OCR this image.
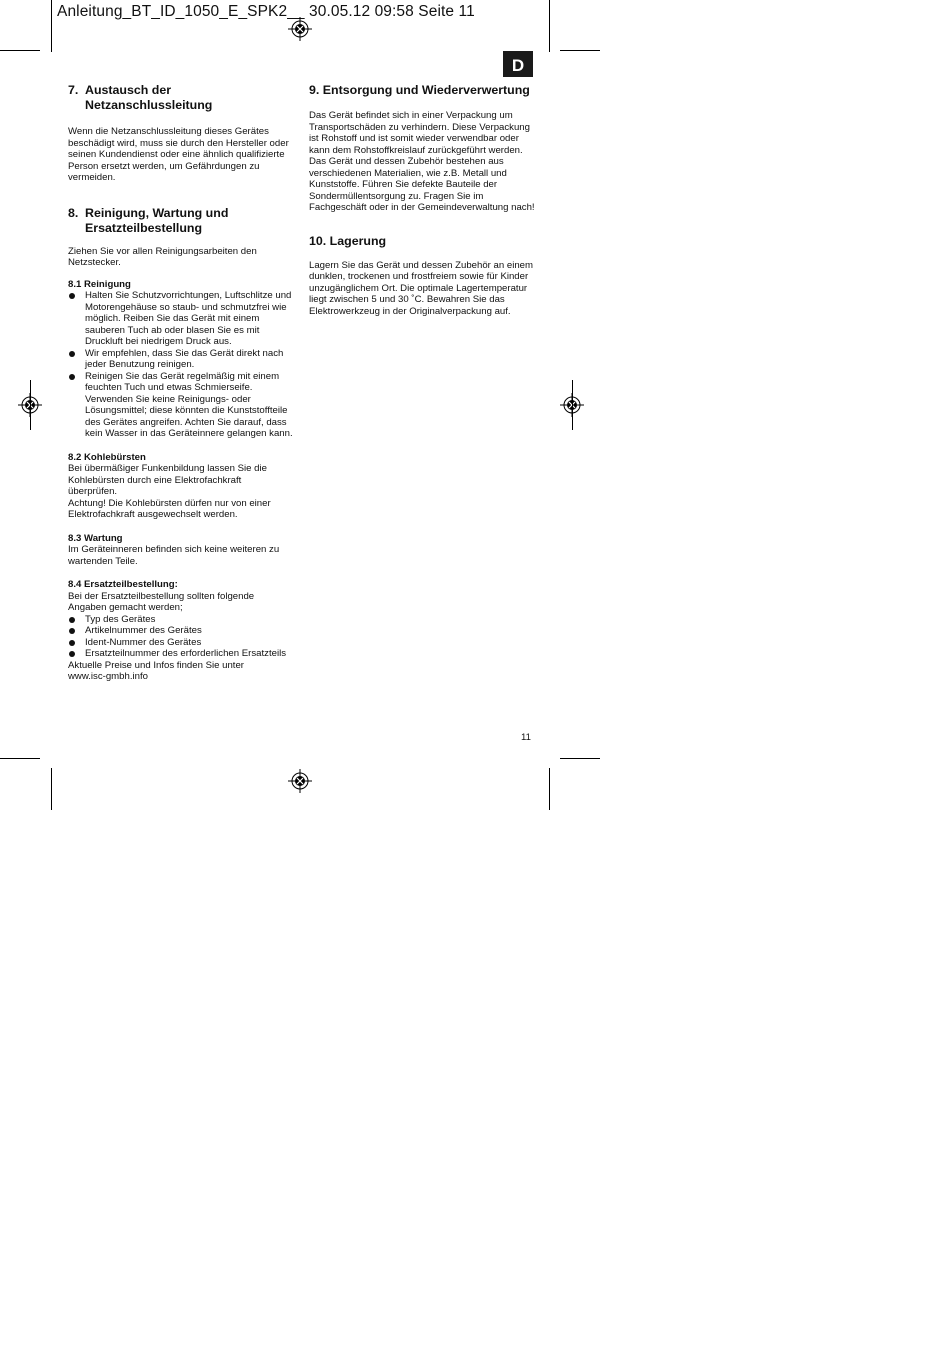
Anleitung_BT_ID_1050_E_SPK2__ 30.05.12 09:58 Seite 11
D
7. Austausch der
Netzanschlussleitung

Wenn die Netzanschlussleitung dieses Gerätes beschädigt wird, muss sie durch den Hersteller oder seinen Kundendienst oder eine ähnlich qualifizierte Person ersetzt werden, um Gefährdungen zu vermeiden.

8. Reinigung, Wartung und
Ersatzteilbestellung

Ziehen Sie vor allen Reinigungsarbeiten den Netzstecker.

8.1 Reinigung
Halten Sie Schutzvorrichtungen, Luftschlitze und Motorengehäuse so staub- und schmutzfrei wie möglich. Reiben Sie das Gerät mit einem sauberen Tuch ab oder blasen Sie es mit Druckluft bei niedrigem Druck aus.
Wir empfehlen, dass Sie das Gerät direkt nach jeder Benutzung reinigen.
Reinigen Sie das Gerät regelmäßig mit einem feuchten Tuch und etwas Schmierseife. Verwenden Sie keine Reinigungs- oder Lösungsmittel; diese könnten die Kunststoffteile des Gerätes angreifen. Achten Sie darauf, dass kein Wasser in das Geräteinnere gelangen kann.
8.2 Kohlebürsten

Bei übermäßiger Funkenbildung lassen Sie die Kohlebürsten durch eine Elektrofachkraft überprüfen.

Achtung! Die Kohlebürsten dürfen nur von einer Elektrofachkraft ausgewechselt werden.

8.3 Wartung

Im Geräteinneren befinden sich keine weiteren zu wartenden Teile.

8.4 Ersatzteilbestellung:

Bei der Ersatzteilbestellung sollten folgende Angaben gemacht werden;

Typ des Gerätes
Artikelnummer des Gerätes
Ident-Nummer des Gerätes
Ersatzteilnummer des erforderlichen Ersatzteils

Aktuelle Preise und Infos finden Sie unter

www.isc-gmbh.info

9. Entsorgung und Wiederverwertung

Das Gerät befindet sich in einer Verpackung um Transportschäden zu verhindern. Diese Verpackung ist Rohstoff und ist somit wieder verwendbar oder kann dem Rohstoffkreislauf zurückgeführt werden. Das Gerät und dessen Zubehör bestehen aus verschiedenen Materialien, wie z.B. Metall und Kunststoffe. Führen Sie defekte Bauteile der Sondermüllentsorgung zu. Fragen Sie im Fachgeschäft oder in der Gemeindeverwaltung nach!

10. Lagerung

Lagern Sie das Gerät und dessen Zubehör an einem dunklen, trockenen und frostfreiem sowie für Kinder unzugänglichem Ort. Die optimale Lagertemperatur liegt zwischen 5 und 30 ˚C. Bewahren Sie das Elektrowerkzeug in der Originalverpackung auf.

11
